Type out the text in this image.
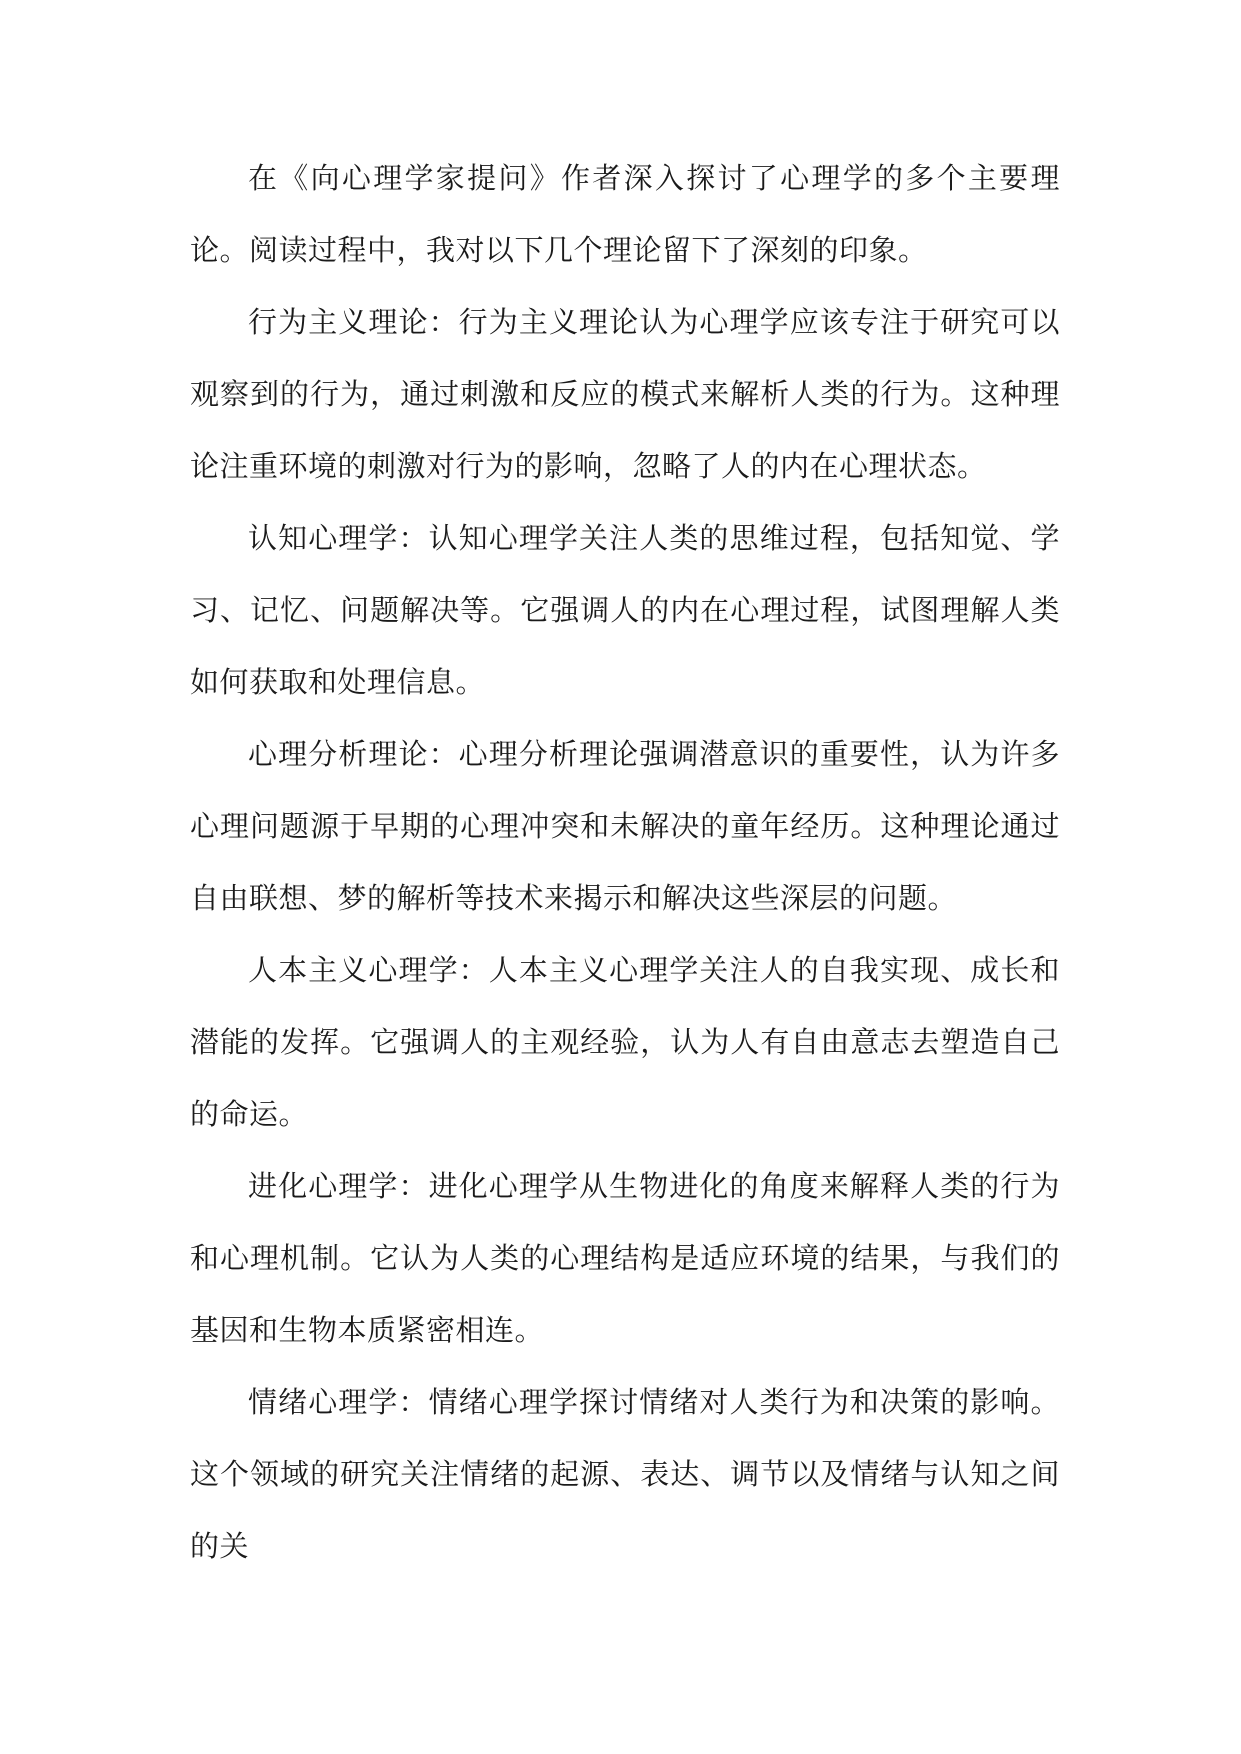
在《向心理学家提问》作者深入探讨了心理学的多个主要理论。阅读过程中，我对以下几个理论留下了深刻的印象。

行为主义理论：行为主义理论认为心理学应该专注于研究可以观察到的行为，通过刺激和反应的模式来解析人类的行为。这种理论注重环境的刺激对行为的影响，忽略了人的内在心理状态。

认知心理学：认知心理学关注人类的思维过程，包括知觉、学习、记忆、问题解决等。它强调人的内在心理过程，试图理解人类如何获取和处理信息。

心理分析理论：心理分析理论强调潜意识的重要性，认为许多心理问题源于早期的心理冲突和未解决的童年经历。这种理论通过自由联想、梦的解析等技术来揭示和解决这些深层的问题。

人本主义心理学：人本主义心理学关注人的自我实现、成长和潜能的发挥。它强调人的主观经验，认为人有自由意志去塑造自己的命运。

进化心理学：进化心理学从生物进化的角度来解释人类的行为和心理机制。它认为人类的心理结构是适应环境的结果，与我们的基因和生物本质紧密相连。

情绪心理学：情绪心理学探讨情绪对人类行为和决策的影响。这个领域的研究关注情绪的起源、表达、调节以及情绪与认知之间的关
